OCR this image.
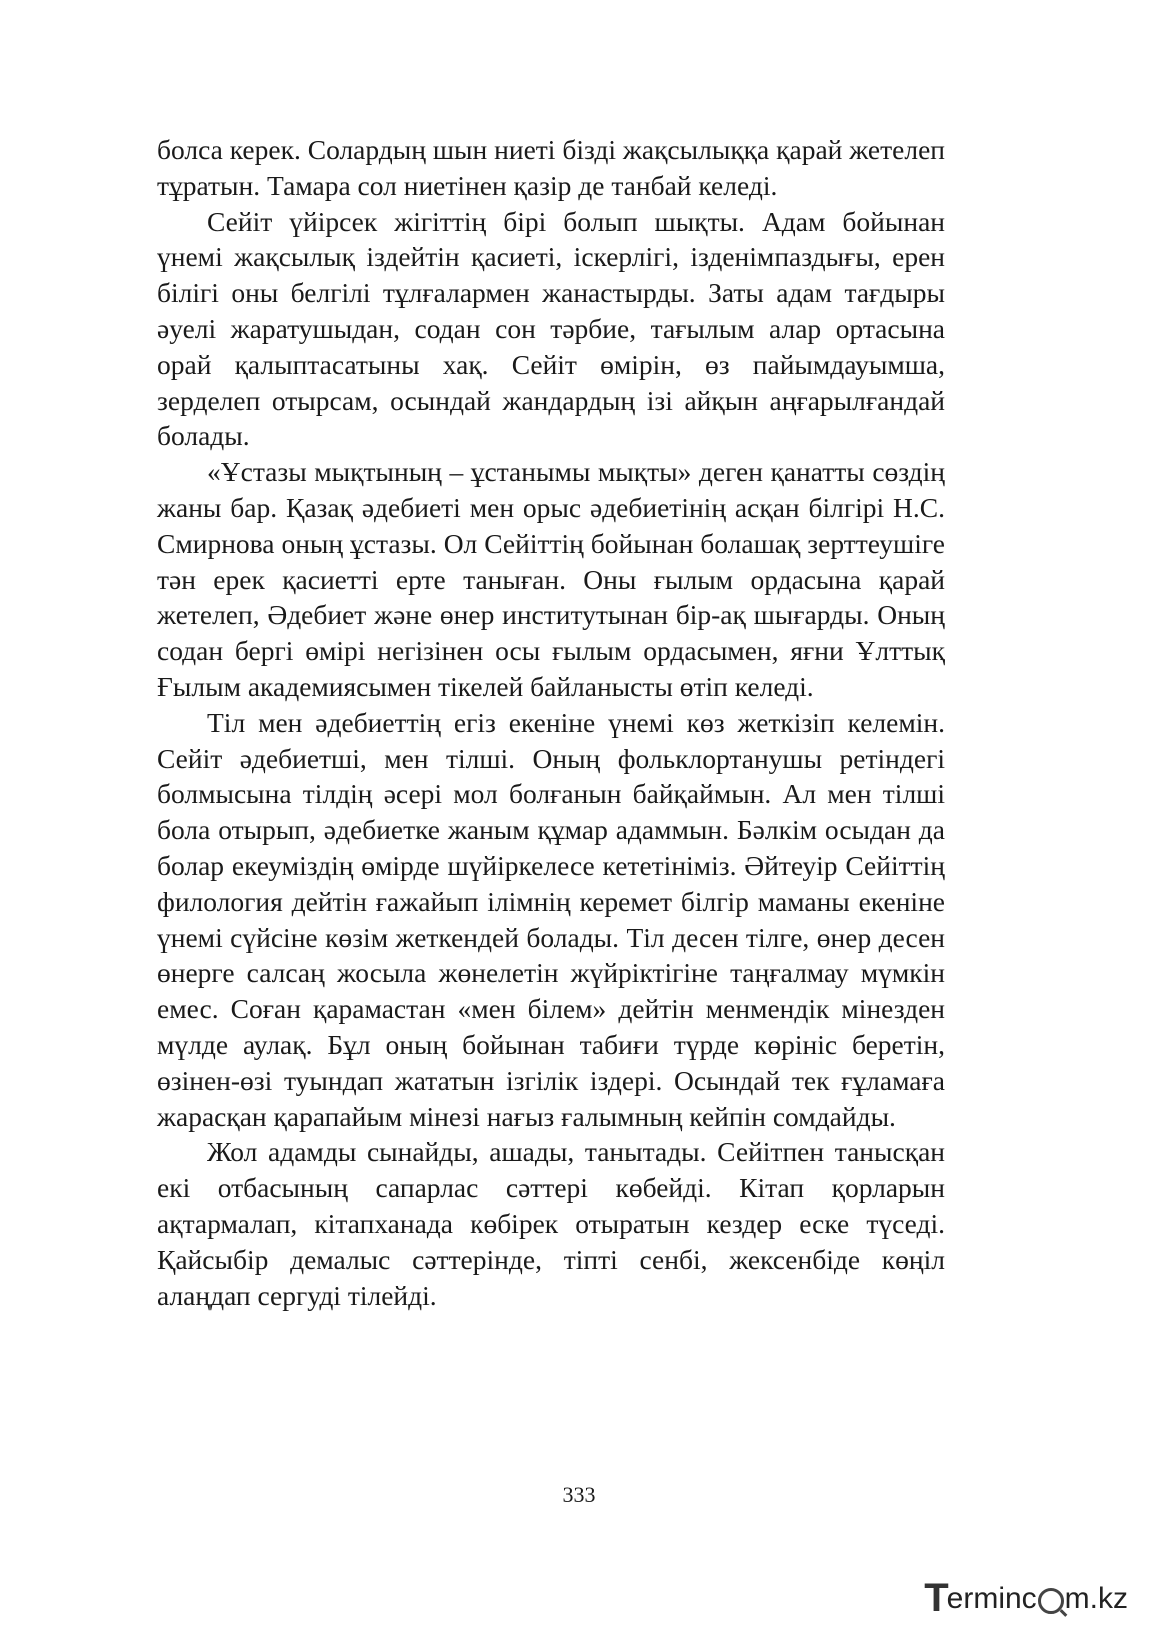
болса керек. Солардың шын ниеті бізді жақсылыққа қарай жетелеп тұратын. Тамара сол ниетінен қазір де танбай келеді.

Сейіт үйірсек жігіттің бірі болып шықты. Адам бойынан үнемі жақсылық іздейтін қасиеті, іскерлігі, ізденімпаздығы, ерен білігі оны белгілі тұлғалармен жанастырды. Заты адам тағдыры әуелі жаратушыдан, содан сон тәрбие, тағылым алар ортасына орай қалыптасатыны хақ. Сейіт өмірін, өз пайымдауымша, зерделеп отырсам, осындай жандардың ізі айқын аңғарылғандай болады.

«Ұстазы мықтының – ұстанымы мықты» деген қанатты сөздің жаны бар. Қазақ әдебиеті мен орыс әдебиетінің асқан білгірі Н.С. Смирнова оның ұстазы. Ол Сейіттің бойынан болашақ зерттеушіге тән ерек қасиетті ерте таныған. Оны ғылым ордасына қарай жетелеп, Әдебиет және өнер институтынан бір-ақ шығарды. Оның содан бергі өмірі негізінен осы ғылым ордасымен, яғни Ұлттық Ғылым академиясымен тікелей байланысты өтіп келеді.

Тіл мен әдебиеттің егіз екеніне үнемі көз жеткізіп келемін. Сейіт әдебиетші, мен тілші. Оның фольклортанушы ретіндегі болмысына тілдің әсері мол болғанын байқаймын. Ал мен тілші бола отырып, әдебиетке жаным құмар адаммын. Бәлкім осыдан да болар екеуміздің өмірде шүйіркелесе кететініміз. Әйтеуір Сейіттің филология дейтін ғажайып ілімнің керемет білгір маманы екеніне үнемі сүйсіне көзім жеткендей болады. Тіл десен тілге, өнер десен өнерге салсаң жосыла жөнелетін жүйріктігіне таңғалмау мүмкін емес. Соған қарамастан «мен білем» дейтін менмендік мінезден мүлде аулақ. Бұл оның бойынан табиғи түрде көрініс беретін, өзінен-өзі туындап жататын ізгілік іздері. Осындай тек ғұламаға жарасқан қарапайым мінезі нағыз ғалымның кейпін сомдайды.

Жол адамды сынайды, ашады, танытады. Сейітпен танысқан екі отбасының сапарлас сәттері көбейді. Кітап қорларын ақтармалап, кітапханада көбірек отыратын кездер еске түседі. Қайсыбір демалыс сәттерінде, тіпті сенбі, жексенбіде көңіл алаңдап сергуді тілейді.

333
T
erminc m.kz
